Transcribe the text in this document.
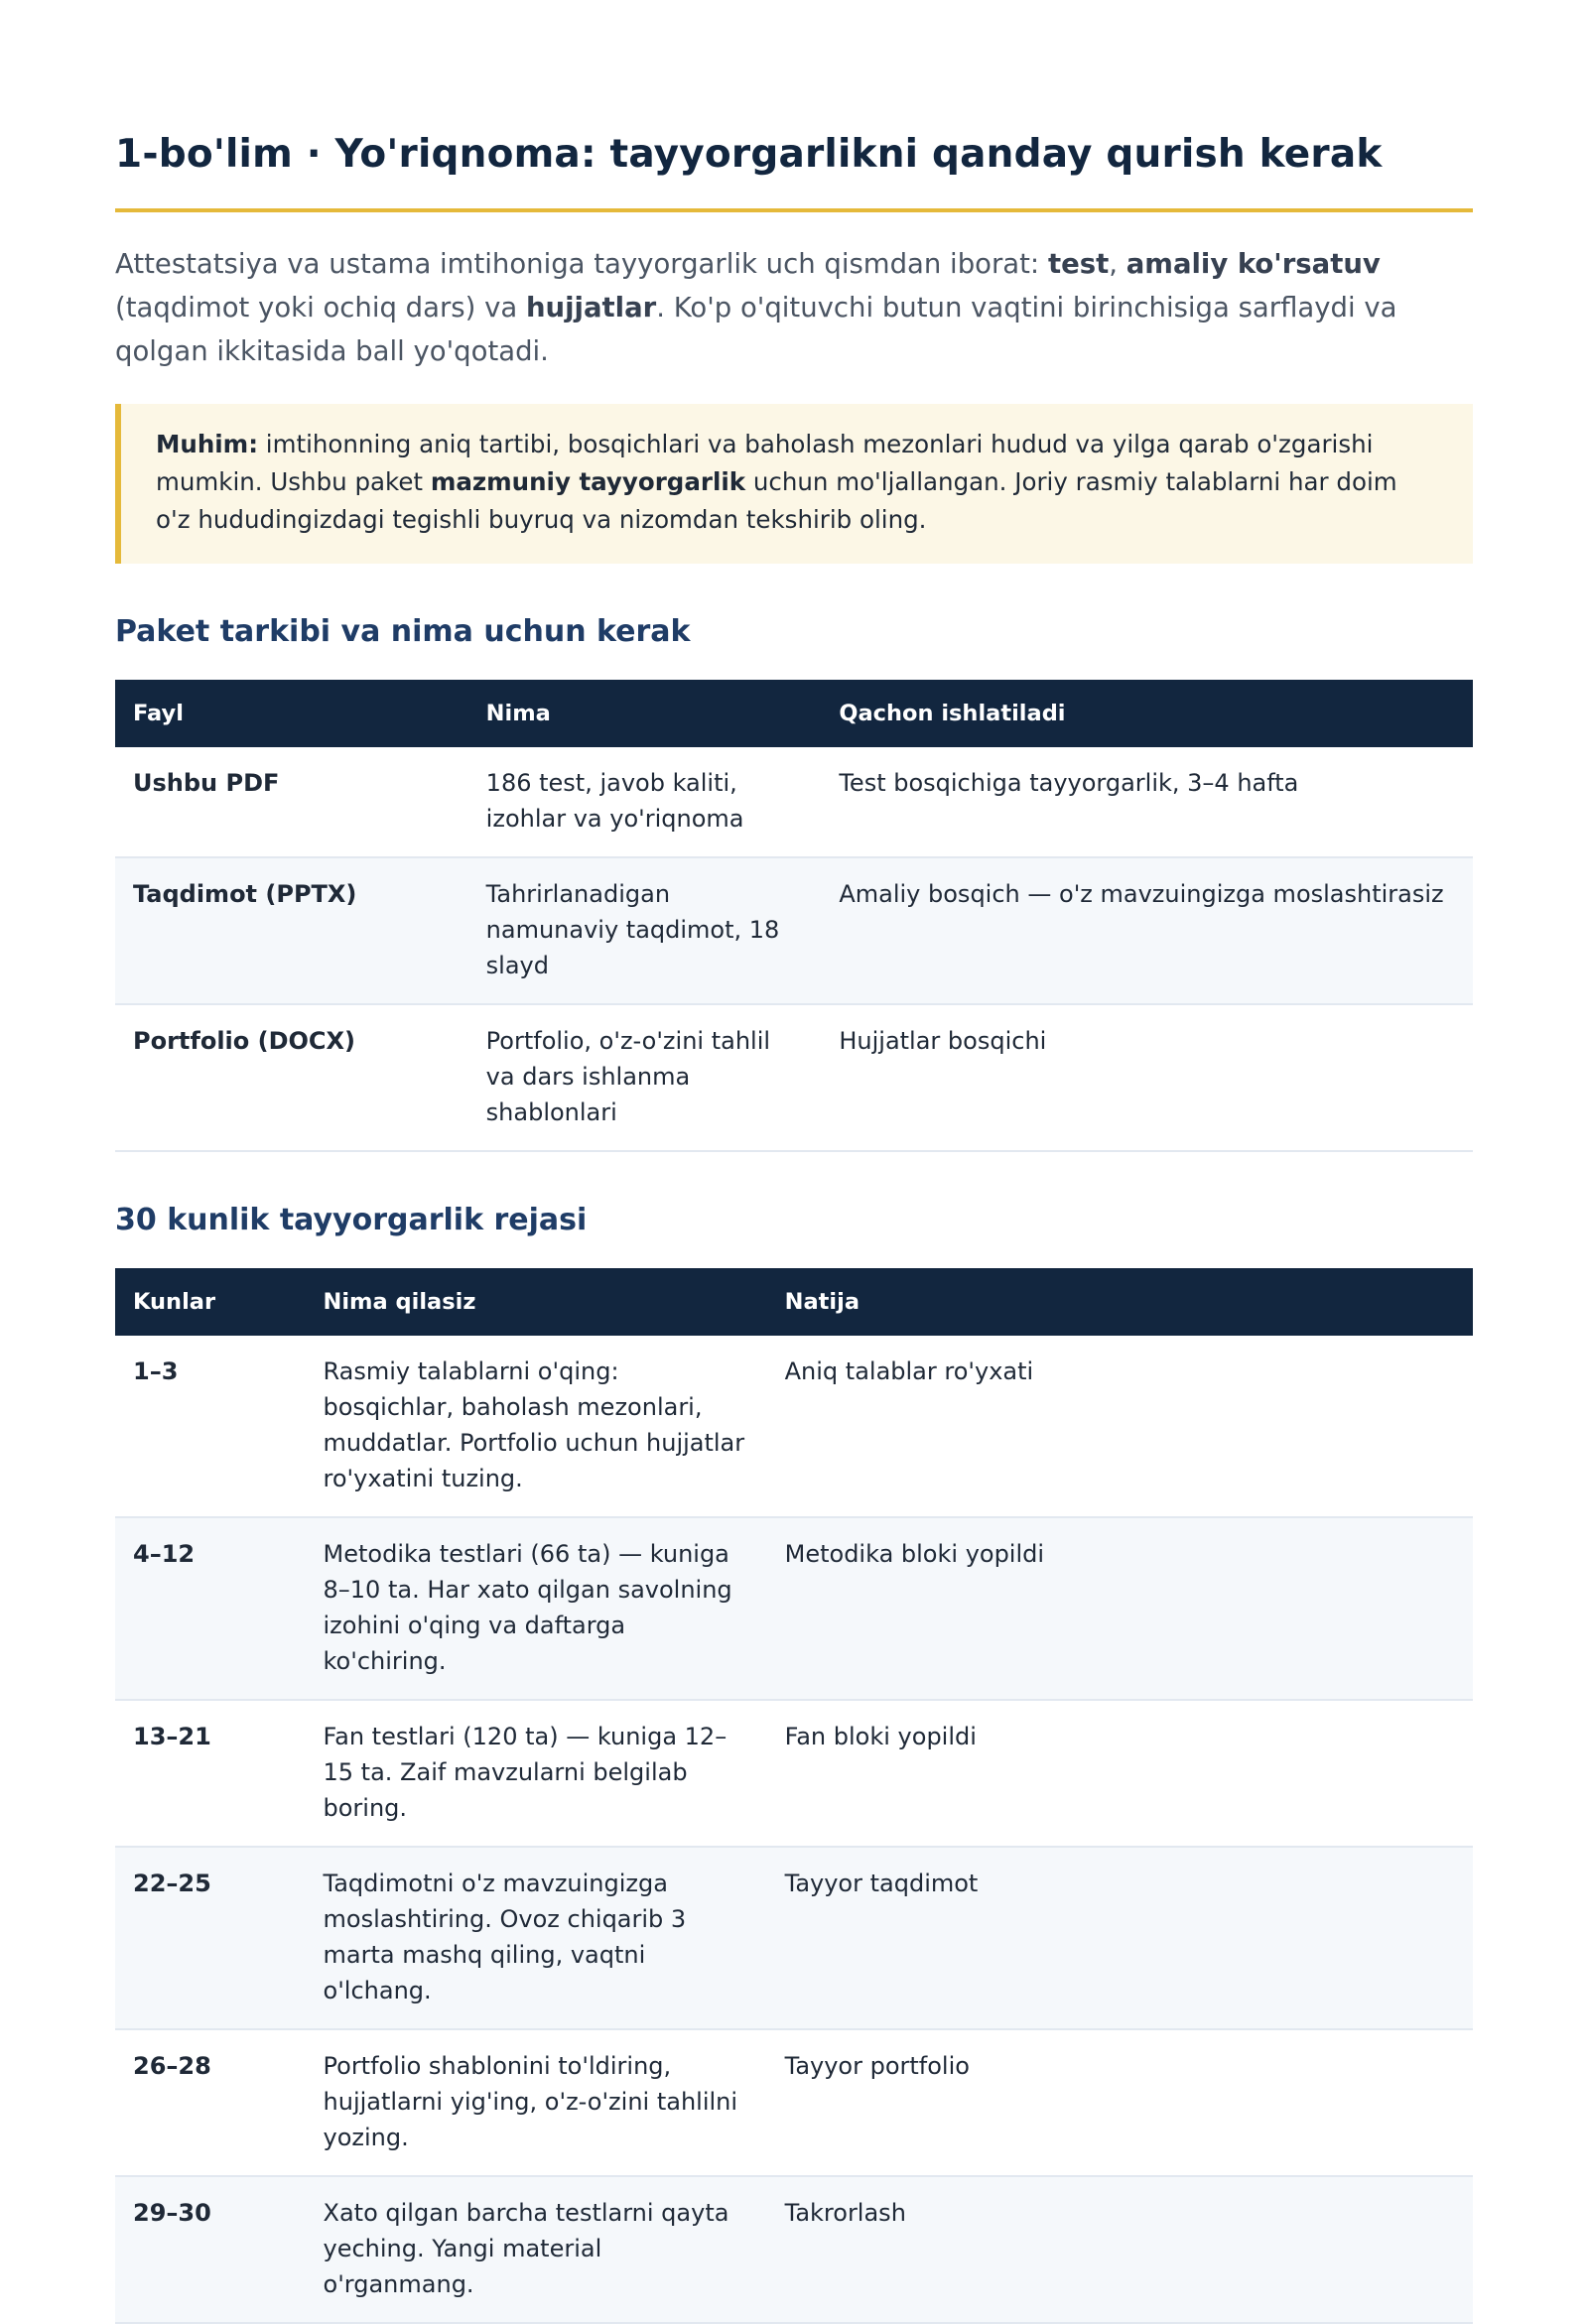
1-bo'lim · Yo'riqnoma: tayyorgarlikni qanday qurish kerak

Attestatsiya va ustama imtihoniga tayyorgarlik uch qismdan iborat: test, amaliy ko'rsatuv (taqdimot yoki ochiq dars) va hujjatlar. Ko'p o'qituvchi butun vaqtini birinchisiga sarflaydi va qolgan ikkitasida ball yo'qotadi.

Muhim: imtihonning aniq tartibi, bosqichlari va baholash mezonlari hudud va yilga qarab o'zgarishi mumkin. Ushbu paket mazmuniy tayyorgarlik uchun mo'ljallangan. Joriy rasmiy talablarni har doim o'z hududingizdagi tegishli buyruq va nizomdan tekshirib oling.
Paket tarkibi va nima uchun kerak
Fayl	Nima	Qachon ishlatiladi
Ushbu PDF	186 test, javob kaliti, izohlar va yo'riqnoma	Test bosqichiga tayyorgarlik, 3–4 hafta
Taqdimot (PPTX)	Tahrirlanadigan namunaviy taqdimot, 18 slayd	Amaliy bosqich — o'z mavzuingizga moslashtirasiz
Portfolio (DOCX)	Portfolio, o'z-o'zini tahlil va dars ishlanma shablonlari	Hujjatlar bosqichi
30 kunlik tayyorgarlik rejasi
Kunlar	Nima qilasiz	Natija
1–3	Rasmiy talablarni o'qing: bosqichlar, baholash mezonlari, muddatlar. Portfolio uchun hujjatlar ro'yxatini tuzing.	Aniq talablar ro'yxati
4–12	Metodika testlari (66 ta) — kuniga 8–10 ta. Har xato qilgan savolning izohini o'qing va daftarga ko'chiring.	Metodika bloki yopildi
13–21	Fan testlari (120 ta) — kuniga 12–15 ta. Zaif mavzularni belgilab boring.	Fan bloki yopildi
22–25	Taqdimotni o'z mavzuingizga moslashtiring. Ovoz chiqarib 3 marta mashq qiling, vaqtni o'lchang.	Tayyor taqdimot
26–28	Portfolio shablonini to'ldiring, hujjatlarni yig'ing, o'z-o'zini tahlilni yozing.	Tayyor portfolio
29–30	Xato qilgan barcha testlarni qayta yeching. Yangi material o'rganmang.	Takrorlash
